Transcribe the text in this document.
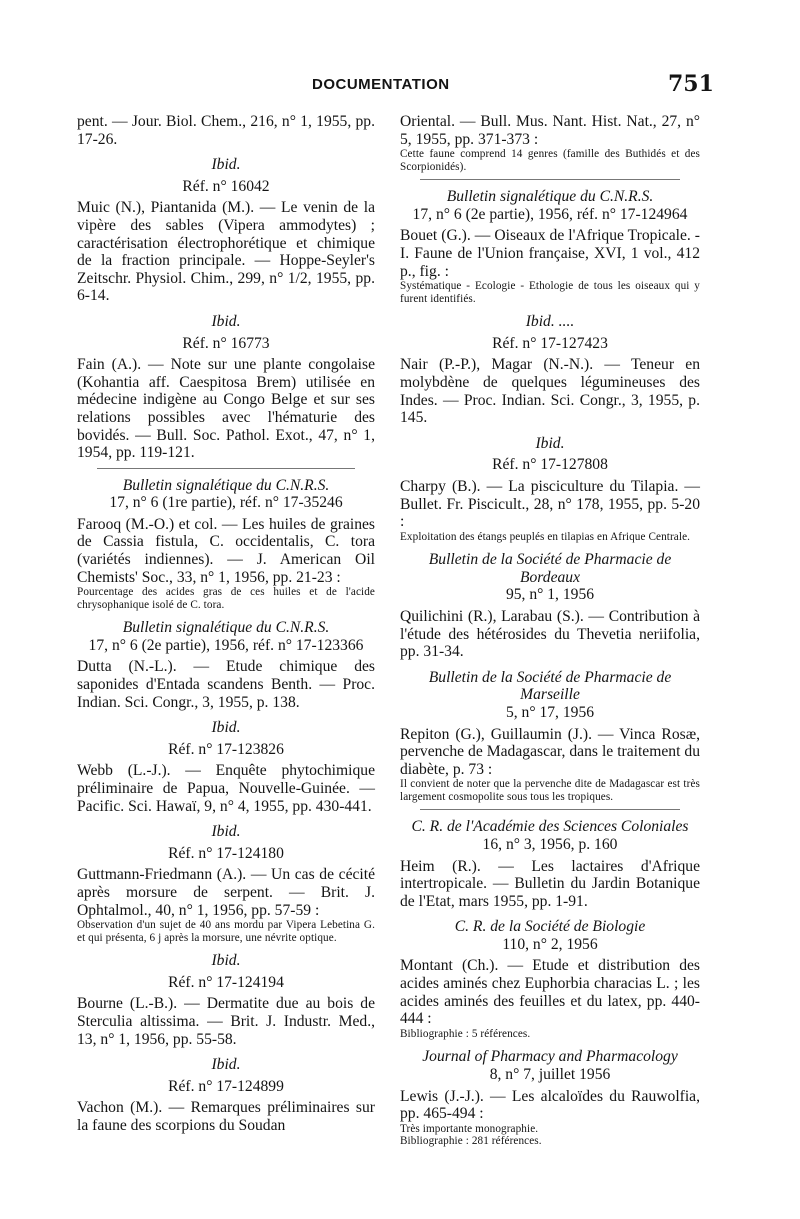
DOCUMENTATION	751
pent. — Jour. Biol. Chem., 216, n° 1, 1955, pp. 17-26.
Ibid.
Réf. n° 16042
Muic (N.), Piantanida (M.). — Le venin de la vipère des sables (Vipera ammodytes) ; caractérisation électrophorétique et chimique de la fraction principale. — Hoppe-Seyler's Zeitschr. Physiol. Chim., 299, n° 1/2, 1955, pp. 6-14.
Ibid.
Réf. n° 16773
Fain (A.). — Note sur une plante congolaise (Kohantia aff. Caespitosa Brem) utilisée en médecine indigène au Congo Belge et sur ses relations possibles avec l'hématurie des bovidés. — Bull. Soc. Pathol. Exot., 47, n° 1, 1954, pp. 119-121.
Bulletin signalétique du C.N.R.S.
17, n° 6 (1re partie), réf. n° 17-35246
Farooq (M.-O.) et col. — Les huiles de graines de Cassia fistula, C. occidentalis, C. tora (variétés indiennes). — J. American Oil Chemists' Soc., 33, n° 1, 1956, pp. 21-23 :
Pourcentage des acides gras de ces huiles et de l'acide chrysophanique isolé de C. tora.
Bulletin signalétique du C.N.R.S.
17, n° 6 (2e partie), 1956, réf. n° 17-123366
Dutta (N.-L.). — Etude chimique des saponides d'Entada scandens Benth. — Proc. Indian. Sci. Congr., 3, 1955, p. 138.
Ibid.
Réf. n° 17-123826
Webb (L.-J.). — Enquête phytochimique préliminaire de Papua, Nouvelle-Guinée. —Pacific. Sci. Hawaï, 9, n° 4, 1955, pp. 430-441.
Ibid.
Réf. n° 17-124180
Guttmann-Friedmann (A.). — Un cas de cécité après morsure de serpent. — Brit. J. Ophtalmol., 40, n° 1, 1956, pp. 57-59 :
Observation d'un sujet de 40 ans mordu par Vipera Lebetina G. et qui présenta, 6 j après la morsure, une névrite optique.
Ibid.
Réf. n° 17-124194
Bourne (L.-B.). — Dermatite due au bois de Sterculia altissima. — Brit. J. Industr. Med., 13, n° 1, 1956, pp. 55-58.
Ibid.
Réf. n° 17-124899
Vachon (M.). — Remarques préliminaires sur la faune des scorpions du Soudan
Oriental. — Bull. Mus. Nant. Hist. Nat., 27, n° 5, 1955, pp. 371-373 :
Cette faune comprend 14 genres (famille des Buthidés et des Scorpionidés).
Bulletin signalétique du C.N.R.S.
17, n° 6 (2e partie), 1956, réf. n° 17-124964
Bouet (G.). — Oiseaux de l'Afrique Tropicale. - I. Faune de l'Union française, XVI, 1 vol., 412 p., fig. :
Systématique - Ecologie - Ethologie de tous les oiseaux qui y furent identifiés.
Ibid. ....
Réf. n° 17-127423
Nair (P.-P.), Magar (N.-N.). — Teneur en molybdène de quelques légumineuses des Indes. — Proc. Indian. Sci. Congr., 3, 1955, p. 145.
Ibid.
Réf. n° 17-127808
Charpy (B.). — La pisciculture du Tilapia. — Bullet. Fr. Piscicult., 28, n° 178, 1955, pp. 5-20 :
Exploitation des étangs peuplés en tilapias en Afrique Centrale.
Bulletin de la Société de Pharmacie de Bordeaux
95, n° 1, 1956
Quilichini (R.), Larabau (S.). — Contribution à l'étude des hétérosides du Thevetia neriifolia, pp. 31-34.
Bulletin de la Société de Pharmacie de Marseille
5, n° 17, 1956
Repiton (G.), Guillaumin (J.). — Vinca Rosæ, pervenche de Madagascar, dans le traitement du diabète, p. 73 :
Il convient de noter que la pervenche dite de Madagascar est très largement cosmopolite sous tous les tropiques.
C. R. de l'Académie des Sciences Coloniales
16, n° 3, 1956, p. 160
Heim (R.). — Les lactaires d'Afrique intertropicale. — Bulletin du Jardin Botanique de l'Etat, mars 1955, pp. 1-91.
C. R. de la Société de Biologie
110, n° 2, 1956
Montant (Ch.). — Etude et distribution des acides aminés chez Euphorbia characias L. ; les acides aminés des feuilles et du latex, pp. 440-444 :
Bibliographie : 5 références.
Journal of Pharmacy and Pharmacology
8, n° 7, juillet 1956
Lewis (J.-J.). — Les alcaloïdes du Rauwolfia, pp. 465-494 :
Très importante monographie.
Bibliographie : 281 références.
